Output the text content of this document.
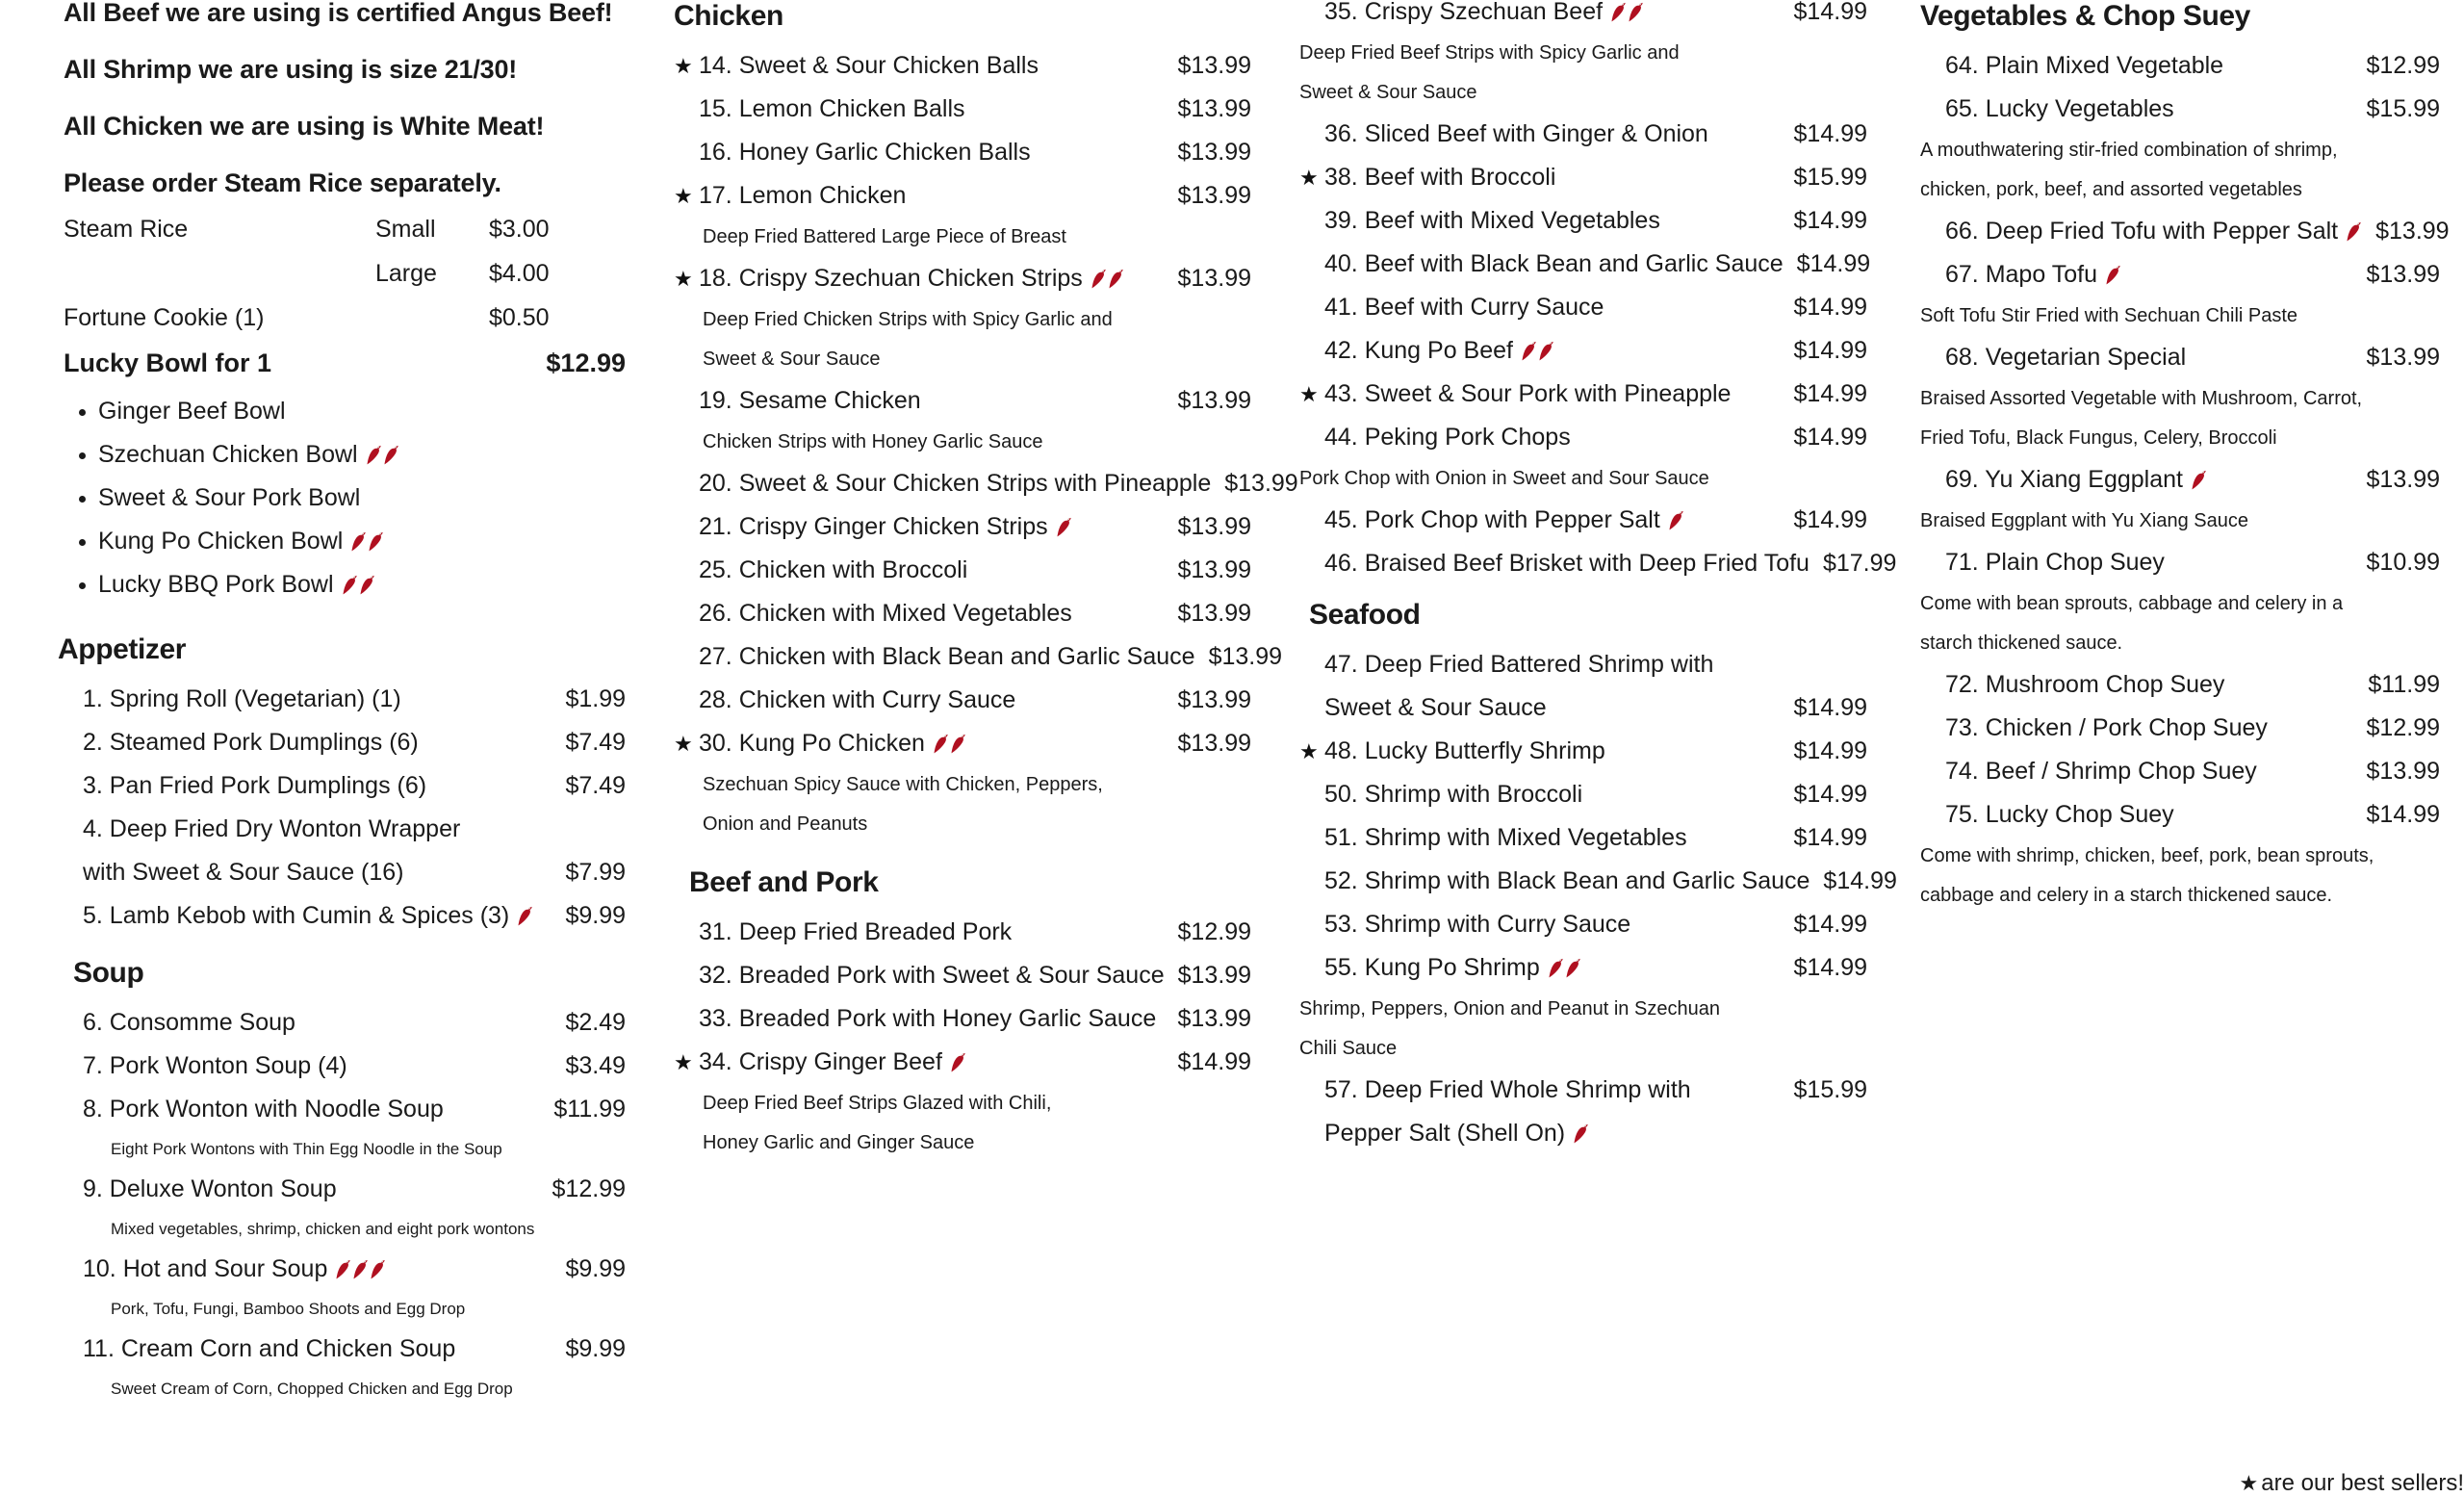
All Beef we are using is certified Angus Beef!
All Shrimp we are using is size 21/30!
All Chicken we are using is White Meat!
Please order Steam Rice separately.
Steam Rice	Small $3.00
Large $4.00
Fortune Cookie (1)	$0.50
Lucky Bowl for 1	$12.99
Ginger Beef Bowl
Szechuan Chicken Bowl
Sweet & Sour Pork Bowl
Kung Po Chicken Bowl
Lucky BBQ Pork Bowl
Appetizer
1. Spring Roll (Vegetarian) (1)	$1.99
2. Steamed Pork Dumplings (6)	$7.49
3. Pan Fried Pork Dumplings (6)	$7.49
4. Deep Fried Dry Wonton Wrapper
with Sweet & Sour Sauce (16)	$7.99
5. Lamb Kebob with Cumin & Spices (3) $9.99
Soup
6. Consomme Soup	$2.49
7. Pork Wonton Soup (4)	$3.49
8. Pork Wonton with Noodle Soup	$11.99
Eight Pork Wontons with Thin Egg Noodle in the Soup
9. Deluxe Wonton Soup	$12.99
Mixed vegetables, shrimp, chicken and eight pork wontons
10. Hot and Sour Soup	$9.99
Pork, Tofu, Fungi, Bamboo Shoots and Egg Drop
11. Cream Corn and Chicken Soup	$9.99
Sweet Cream of Corn, Chopped Chicken and Egg Drop
Chicken
★ 14. Sweet & Sour Chicken Balls	$13.99
15. Lemon Chicken Balls	$13.99
16. Honey Garlic Chicken Balls	$13.99
★ 17. Lemon Chicken	$13.99
Deep Fried Battered Large Piece of Breast
★ 18. Crispy Szechuan Chicken Strips	$13.99
Deep Fried Chicken Strips with Spicy Garlic and
Sweet & Sour Sauce
19. Sesame Chicken	$13.99
Chicken Strips with Honey Garlic Sauce
20. Sweet & Sour Chicken Strips with Pineapple $13.99
21. Crispy Ginger Chicken Strips	$13.99
25. Chicken with Broccoli	$13.99
26. Chicken with Mixed Vegetables	$13.99
27. Chicken with Black Bean and Garlic Sauce $13.99
28. Chicken with Curry Sauce	$13.99
★ 30. Kung Po Chicken	$13.99
Szechuan Spicy Sauce with Chicken, Peppers,
Onion and Peanuts
Beef and Pork
31. Deep Fried Breaded Pork	$12.99
32. Breaded Pork with Sweet & Sour Sauce $13.99
33. Breaded Pork with Honey Garlic Sauce $13.99
★ 34. Crispy Ginger Beef	$14.99
Deep Fried Beef Strips Glazed with Chili,
Honey Garlic and Ginger Sauce
35. Crispy Szechuan Beef	$14.99
Deep Fried Beef Strips with Spicy Garlic and
Sweet & Sour Sauce
36. Sliced Beef with Ginger & Onion	$14.99
★ 38. Beef with Broccoli	$15.99
39. Beef with Mixed Vegetables	$14.99
40. Beef with Black Bean and Garlic Sauce $14.99
41. Beef with Curry Sauce	$14.99
42. Kung Po Beef	$14.99
★ 43. Sweet & Sour Pork with Pineapple	$14.99
44. Peking Pork Chops	$14.99
Pork Chop with Onion in Sweet and Sour Sauce
45. Pork Chop with Pepper Salt	$14.99
46. Braised Beef Brisket with Deep Fried Tofu $17.99
Seafood
47. Deep Fried Battered Shrimp with
Sweet & Sour Sauce	$14.99
★ 48. Lucky Butterfly Shrimp	$14.99
50. Shrimp with Broccoli	$14.99
51. Shrimp with Mixed Vegetables	$14.99
52. Shrimp with Black Bean and Garlic Sauce $14.99
53. Shrimp with Curry Sauce	$14.99
55. Kung Po Shrimp	$14.99
Shrimp, Peppers, Onion and Peanut in Szechuan
Chili Sauce
57. Deep Fried Whole Shrimp with	$15.99
Pepper Salt (Shell On)
Vegetables & Chop Suey
64. Plain Mixed Vegetable	$12.99
65. Lucky Vegetables	$15.99
A mouthwatering stir-fried combination of shrimp,
chicken, pork, beef, and assorted vegetables
66. Deep Fried Tofu with Pepper Salt $13.99
67. Mapo Tofu	$13.99
Soft Tofu Stir Fried with Sechuan Chili Paste
68. Vegetarian Special	$13.99
Braised Assorted Vegetable with Mushroom, Carrot,
Fried Tofu, Black Fungus, Celery, Broccoli
69. Yu Xiang Eggplant	$13.99
Braised Eggplant with Yu Xiang Sauce
71. Plain Chop Suey	$10.99
Come with bean sprouts, cabbage and celery in a
starch thickened sauce.
72. Mushroom Chop Suey	$11.99
73. Chicken / Pork Chop Suey	$12.99
74. Beef / Shrimp Chop Suey	$13.99
75. Lucky Chop Suey	$14.99
Come with shrimp, chicken, beef, pork, bean sprouts,
cabbage and celery in a starch thickened sauce.
★ are our best sellers!
